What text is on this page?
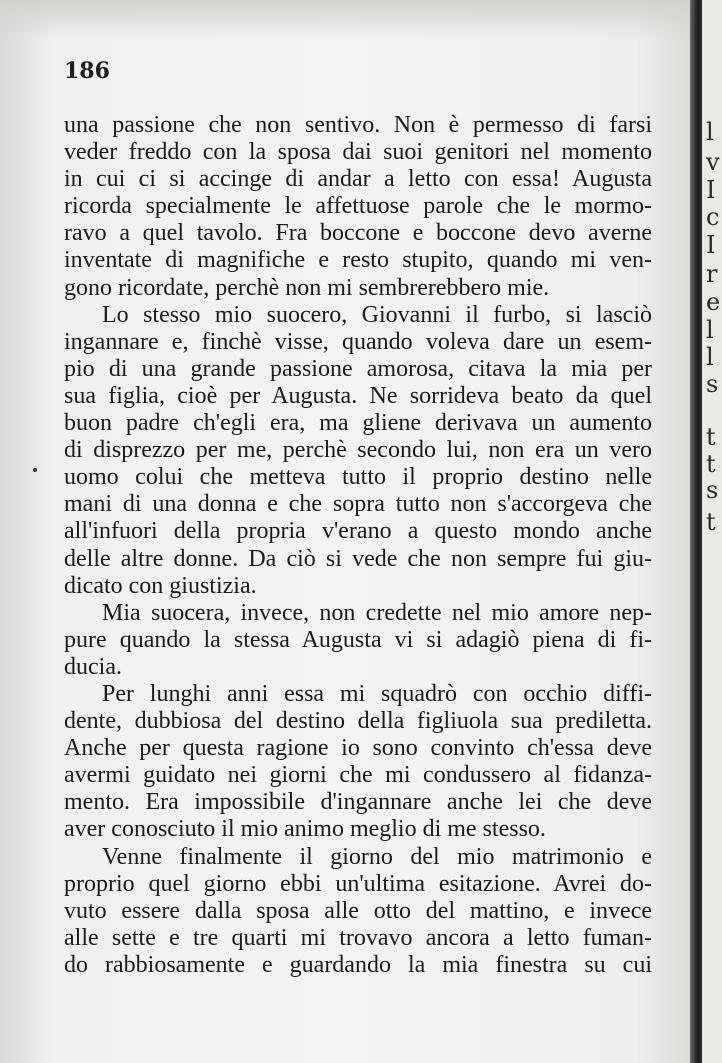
186
una passione che non sentivo. Non è permesso di farsi
veder freddo con la sposa dai suoi genitori nel momento
in cui ci si accinge di andar a letto con essa! Augusta
ricorda specialmente le affettuose parole che le mormo-
ravo a quel tavolo. Fra boccone e boccone devo averne
inventate di magnifiche e resto stupito, quando mi ven-
gono ricordate, perchè non mi sembrerebbero mie.
Lo stesso mio suocero, Giovanni il furbo, si lasciò
ingannare e, finchè visse, quando voleva dare un esem-
pio di una grande passione amorosa, citava la mia per
sua figlia, cioè per Augusta. Ne sorrideva beato da quel
buon padre ch'egli era, ma gliene derivava un aumento
di disprezzo per me, perchè secondo lui, non era un vero
uomo colui che metteva tutto il proprio destino nelle
mani di una donna e che sopra tutto non s'accorgeva che
all'infuori della propria v'erano a questo mondo anche
delle altre donne. Da ciò si vede che non sempre fui giu-
dicato con giustizia.
Mia suocera, invece, non credette nel mio amore nep-
pure quando la stessa Augusta vi si adagiò piena di fi-
ducia.
Per lunghi anni essa mi squadrò con occhio diffi-
dente, dubbiosa del destino della figliuola sua prediletta.
Anche per questa ragione io sono convinto ch'essa deve
avermi guidato nei giorni che mi condussero al fidanza-
mento. Era impossibile d'ingannare anche lei che deve
aver conosciuto il mio animo meglio di me stesso.
Venne finalmente il giorno del mio matrimonio e
proprio quel giorno ebbi un'ultima esitazione. Avrei do-
vuto essere dalla sposa alle otto del mattino, e invece
alle sette e tre quarti mi trovavo ancora a letto fuman-
do rabbiosamente e guardando la mia finestra su cui
l
v
I
c
I
r
e
l
l
s
t
t
s
t
